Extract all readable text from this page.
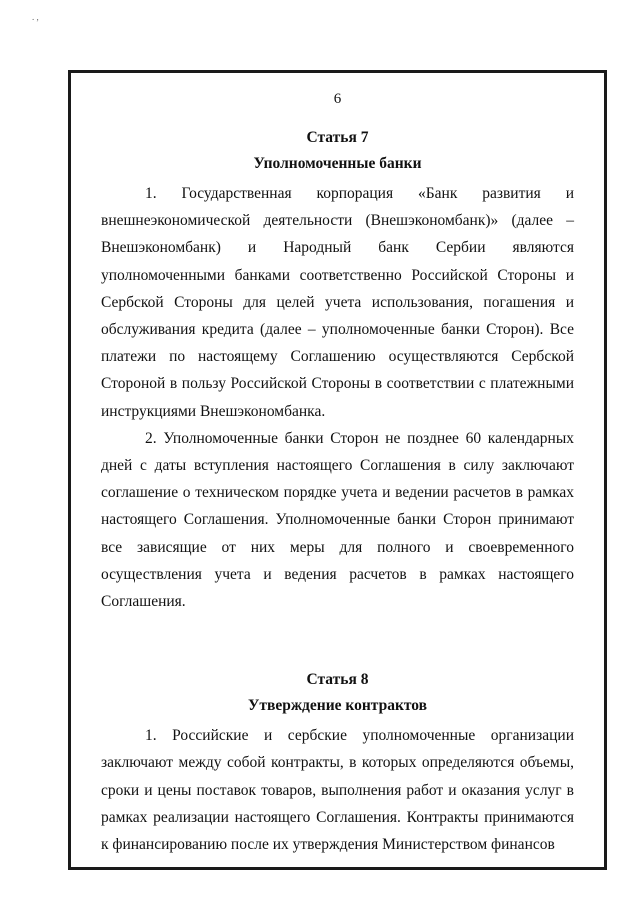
. ,
6

Статья 7

Уполномоченные банки

1. Государственная корпорация «Банк развития и внешнеэкономической деятельности (Внешэкономбанк)» (далее – Внешэкономбанк) и Народный банк Сербии являются уполномоченными банками соответственно Российской Стороны и Сербской Стороны для целей учета использования, погашения и обслуживания кредита (далее – уполномоченные банки Сторон). Все платежи по настоящему Соглашению осуществляются Сербской Стороной в пользу Российской Стороны в соответствии с платежными инструкциями Внешэкономбанка.

2. Уполномоченные банки Сторон не позднее 60 календарных дней с даты вступления настоящего Соглашения в силу заключают соглашение о техническом порядке учета и ведении расчетов в рамках настоящего Соглашения. Уполномоченные банки Сторон принимают все зависящие от них меры для полного и своевременного осуществления учета и ведения расчетов в рамках настоящего Соглашения.

Статья 8

Утверждение контрактов

1. Российские и сербские уполномоченные организации заключают между собой контракты, в которых определяются объемы, сроки и цены поставок товаров, выполнения работ и оказания услуг в рамках реализации настоящего Соглашения. Контракты принимаются к финансированию после их утверждения Министерством финансов
